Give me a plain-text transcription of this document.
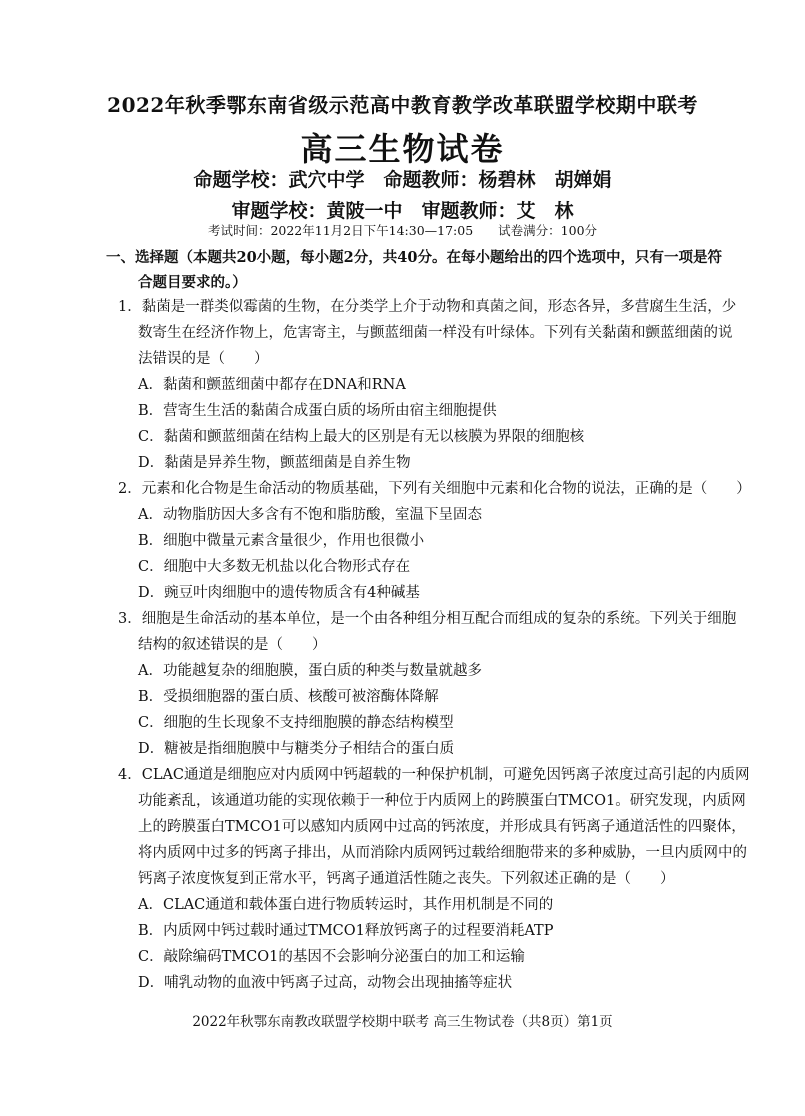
2022年秋季鄂东南省级示范高中教育教学改革联盟学校期中联考
高三生物试卷
命题学校：武穴中学　命题教师：杨碧林　胡婵娟
审题学校：黄陂一中　审题教师：艾　林
考试时间：2022年11月2日下午14:30—17:05　　试卷满分：100分
一、选择题（本题共20小题，每小题2分，共40分。在每小题给出的四个选项中，只有一项是符
合题目要求的。）
1．黏菌是一群类似霉菌的生物，在分类学上介于动物和真菌之间，形态各异，多营腐生生活，少
数寄生在经济作物上，危害寄主，与颤蓝细菌一样没有叶绿体。下列有关黏菌和颤蓝细菌的说
法错误的是（　　）
A．黏菌和颤蓝细菌中都存在DNA和RNA
B．营寄生生活的黏菌合成蛋白质的场所由宿主细胞提供
C．黏菌和颤蓝细菌在结构上最大的区别是有无以核膜为界限的细胞核
D．黏菌是异养生物，颤蓝细菌是自养生物
2．元素和化合物是生命活动的物质基础，下列有关细胞中元素和化合物的说法，正确的是（　　）
A．动物脂肪因大多含有不饱和脂肪酸，室温下呈固态
B．细胞中微量元素含量很少，作用也很微小
C．细胞中大多数无机盐以化合物形式存在
D．豌豆叶肉细胞中的遗传物质含有4种碱基
3．细胞是生命活动的基本单位，是一个由各种组分相互配合而组成的复杂的系统。下列关于细胞
结构的叙述错误的是（　　）
A．功能越复杂的细胞膜，蛋白质的种类与数量就越多
B．受损细胞器的蛋白质、核酸可被溶酶体降解
C．细胞的生长现象不支持细胞膜的静态结构模型
D．糖被是指细胞膜中与糖类分子相结合的蛋白质
4．CLAC通道是细胞应对内质网中钙超载的一种保护机制，可避免因钙离子浓度过高引起的内质网
功能紊乱，该通道功能的实现依赖于一种位于内质网上的跨膜蛋白TMCO1。研究发现，内质网
上的跨膜蛋白TMCO1可以感知内质网中过高的钙浓度，并形成具有钙离子通道活性的四聚体，
将内质网中过多的钙离子排出，从而消除内质网钙过载给细胞带来的多种威胁，一旦内质网中的
钙离子浓度恢复到正常水平，钙离子通道活性随之丧失。下列叙述正确的是（　　）
A．CLAC通道和载体蛋白进行物质转运时，其作用机制是不同的
B．内质网中钙过载时通过TMCO1释放钙离子的过程要消耗ATP
C．敲除编码TMCO1的基因不会影响分泌蛋白的加工和运输
D．哺乳动物的血液中钙离子过高，动物会出现抽搐等症状
2022年秋鄂东南教改联盟学校期中联考 高三生物试卷（共8页）第1页
